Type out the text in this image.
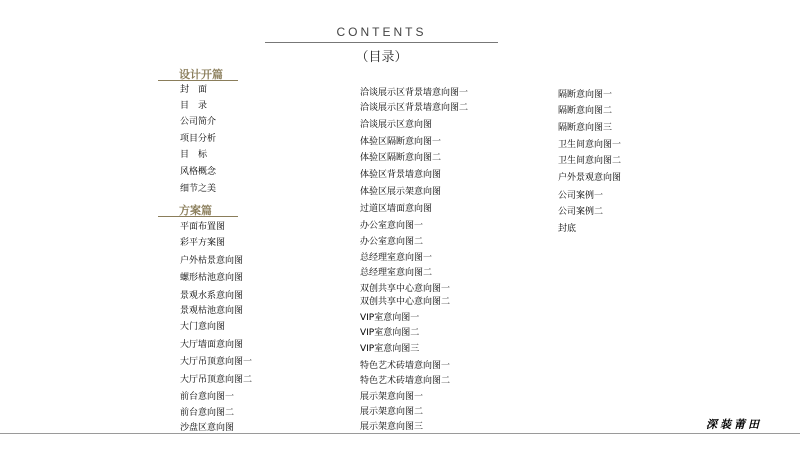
CONTENTS
（目录）
设计开篇
封　面
目　录
公司简介
项目分析
目　标
风格概念
细节之美
方案篇
平面布置图
彩平方案图
户外枯景意向图
螺形枯池意向图
景观水系意向图
景观枯池意向图
大门意向图
大厅墙面意向图
大厅吊顶意向图一
大厅吊顶意向图二
前台意向图一
前台意向图二
沙盘区意向图
洽谈展示区背景墙意向图一
洽谈展示区背景墙意向图二
洽谈展示区意向图
体验区隔断意向图一
体验区隔断意向图二
体验区背景墙意向图
体验区展示架意向图
过道区墙面意向图
办公室意向图一
办公室意向图二
总经理室意向图一
总经理室意向图二
双创共享中心意向图一
双创共享中心意向图二
VIP室意向图一
VIP室意向图二
VIP室意向图三
特色艺术砖墙意向图一
特色艺术砖墙意向图二
展示架意向图一
展示架意向图二
展示架意向图三
隔断意向图一
隔断意向图二
隔断意向图三
卫生间意向图一
卫生间意向图二
户外景观意向图
公司案例一
公司案例二
封底
深装莆田
